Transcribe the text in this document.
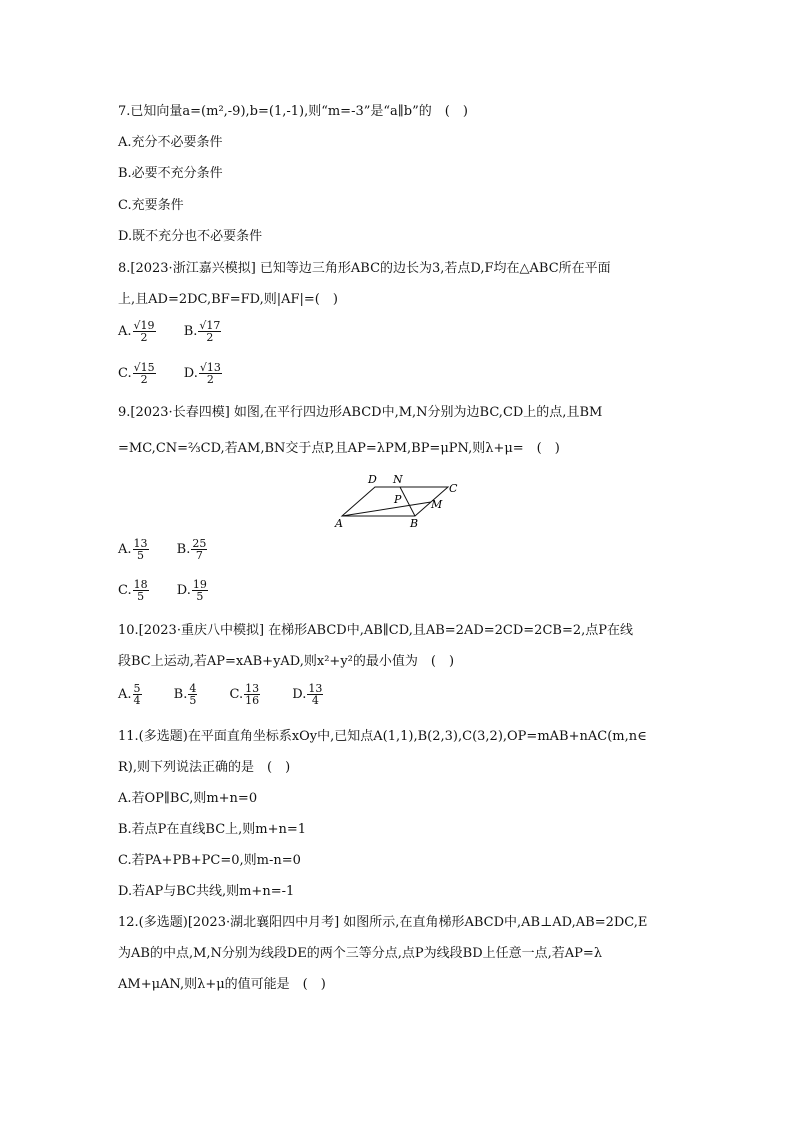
7.已知向量a=(m²,-9),b=(1,-1),则“m=-3”是“a∥b”的　(　)
A.充分不必要条件
B.必要不充分条件
C.充要条件
D.既不充分也不必要条件
8.[2023·浙江嘉兴模拟] 已知等边三角形ABC的边长为3,若点D,F均在△ABC所在平面
上,且AD=2DC,BF=FD,则|AF|=(　)
A. $\frac{√19}{2} B$. $\frac{√17}{2}$
C. $\frac{√15}{2} D$. $\frac{√13}{2}$
9.[2023·长春四模] 如图,在平行四边形ABCD中,M,N分别为边BC,CD上的点,且BM
=MC,CN=⅔CD,若AM,BN交于点P,且AP=λPM,BP=μPN,则λ+μ=　(　)
D N
C
P	M
A	B
A. $\frac{13}{5} B$. $\frac{25}{7}$
C. $\frac{18}{5} D$. $\frac{19}{5}$
10.[2023·重庆八中模拟] 在梯形ABCD中,AB∥CD,且AB=2AD=2CD=2CB=2,点P在线
段BC上运动,若AP=xAB+yAD,则x²+y²的最小值为　(　)
A. $\frac{5}{4} B$. $\frac{4}{5} C$. $\frac{13}{16} D$. $\frac{13}{4}$
11.(多选题)在平面直角坐标系xOy中,已知点A(1,1),B(2,3),C(3,2),OP=mAB+nAC(m,n∈
R),则下列说法正确的是　(　)
A.若OP∥BC,则m+n=0
B.若点P在直线BC上,则m+n=1
C.若PA+PB+PC=0,则m-n=0
D.若AP与BC共线,则m+n=-1
12.(多选题)[2023·湖北襄阳四中月考] 如图所示,在直角梯形ABCD中,AB⊥AD,AB=2DC,E
为AB的中点,M,N分别为线段DE的两个三等分点,点P为线段BD上任意一点,若AP=λ
AM+μAN,则λ+μ的值可能是　(　)
